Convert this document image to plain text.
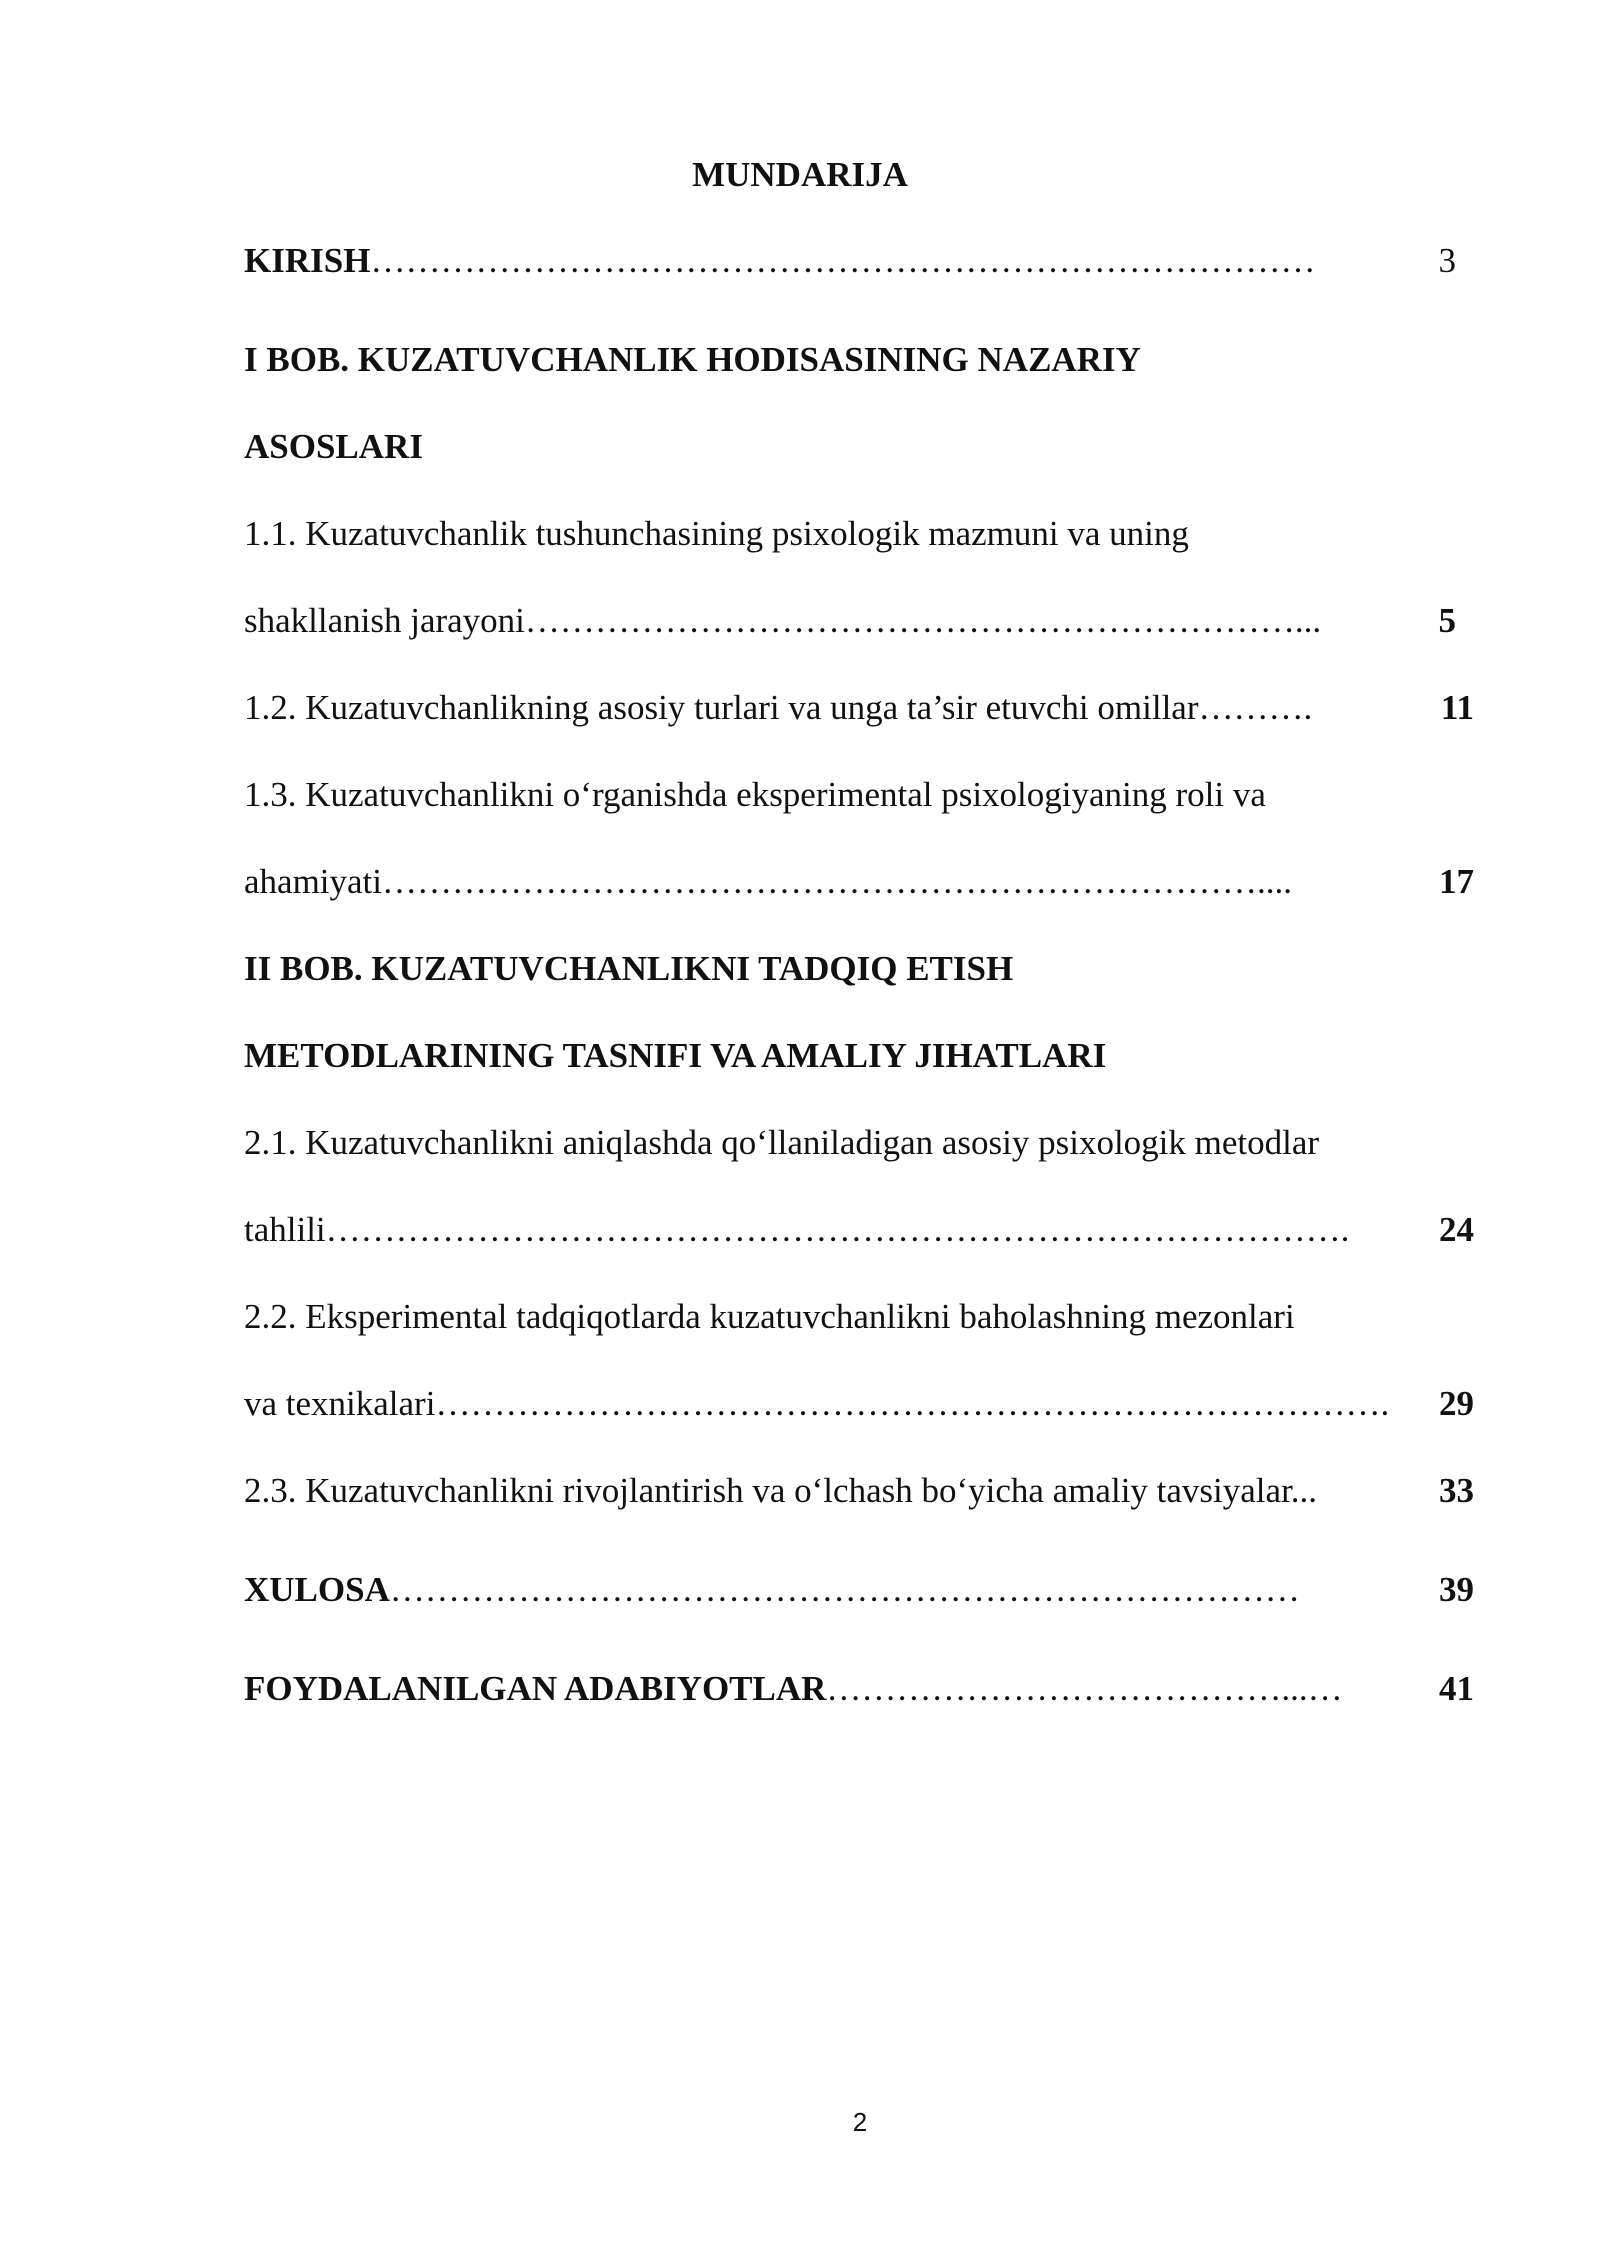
MUNDARIJA
KIRISH………………………………………………………………………	3
I BOB. KUZATUVCHANLIK HODISASINING NAZARIY
ASOSLARI
1.1. Kuzatuvchanlik tushunchasining psixologik mazmuni va uning
shakllanish jarayoni…………………………………………………………...	5
1.2. Kuzatuvchanlikning asosiy turlari va unga ta’sir etuvchi omillar……….	11
1.3. Kuzatuvchanlikni o‘rganishda eksperimental psixologiyaning roli va
ahamiyati…………………………………………………………………....	17
II BOB. KUZATUVCHANLIKNI TADQIQ ETISH
METODLARINING TASNIFI VA AMALIY JIHATLARI
2.1. Kuzatuvchanlikni aniqlashda qo‘llaniladigan asosiy psixologik metodlar
tahlili…………………………………………………………………………….	24
2.2. Eksperimental tadqiqotlarda kuzatuvchanlikni baholashning mezonlari
va texnikalari………………………………………………………………………. 29
2.3. Kuzatuvchanlikni rivojlantirish va o‘lchash bo‘yicha amaliy tavsiyalar...	33
XULOSA……………………………………………………………………	39
FOYDALANILGAN ADABIYOTLAR…………………………………...…	41
2
